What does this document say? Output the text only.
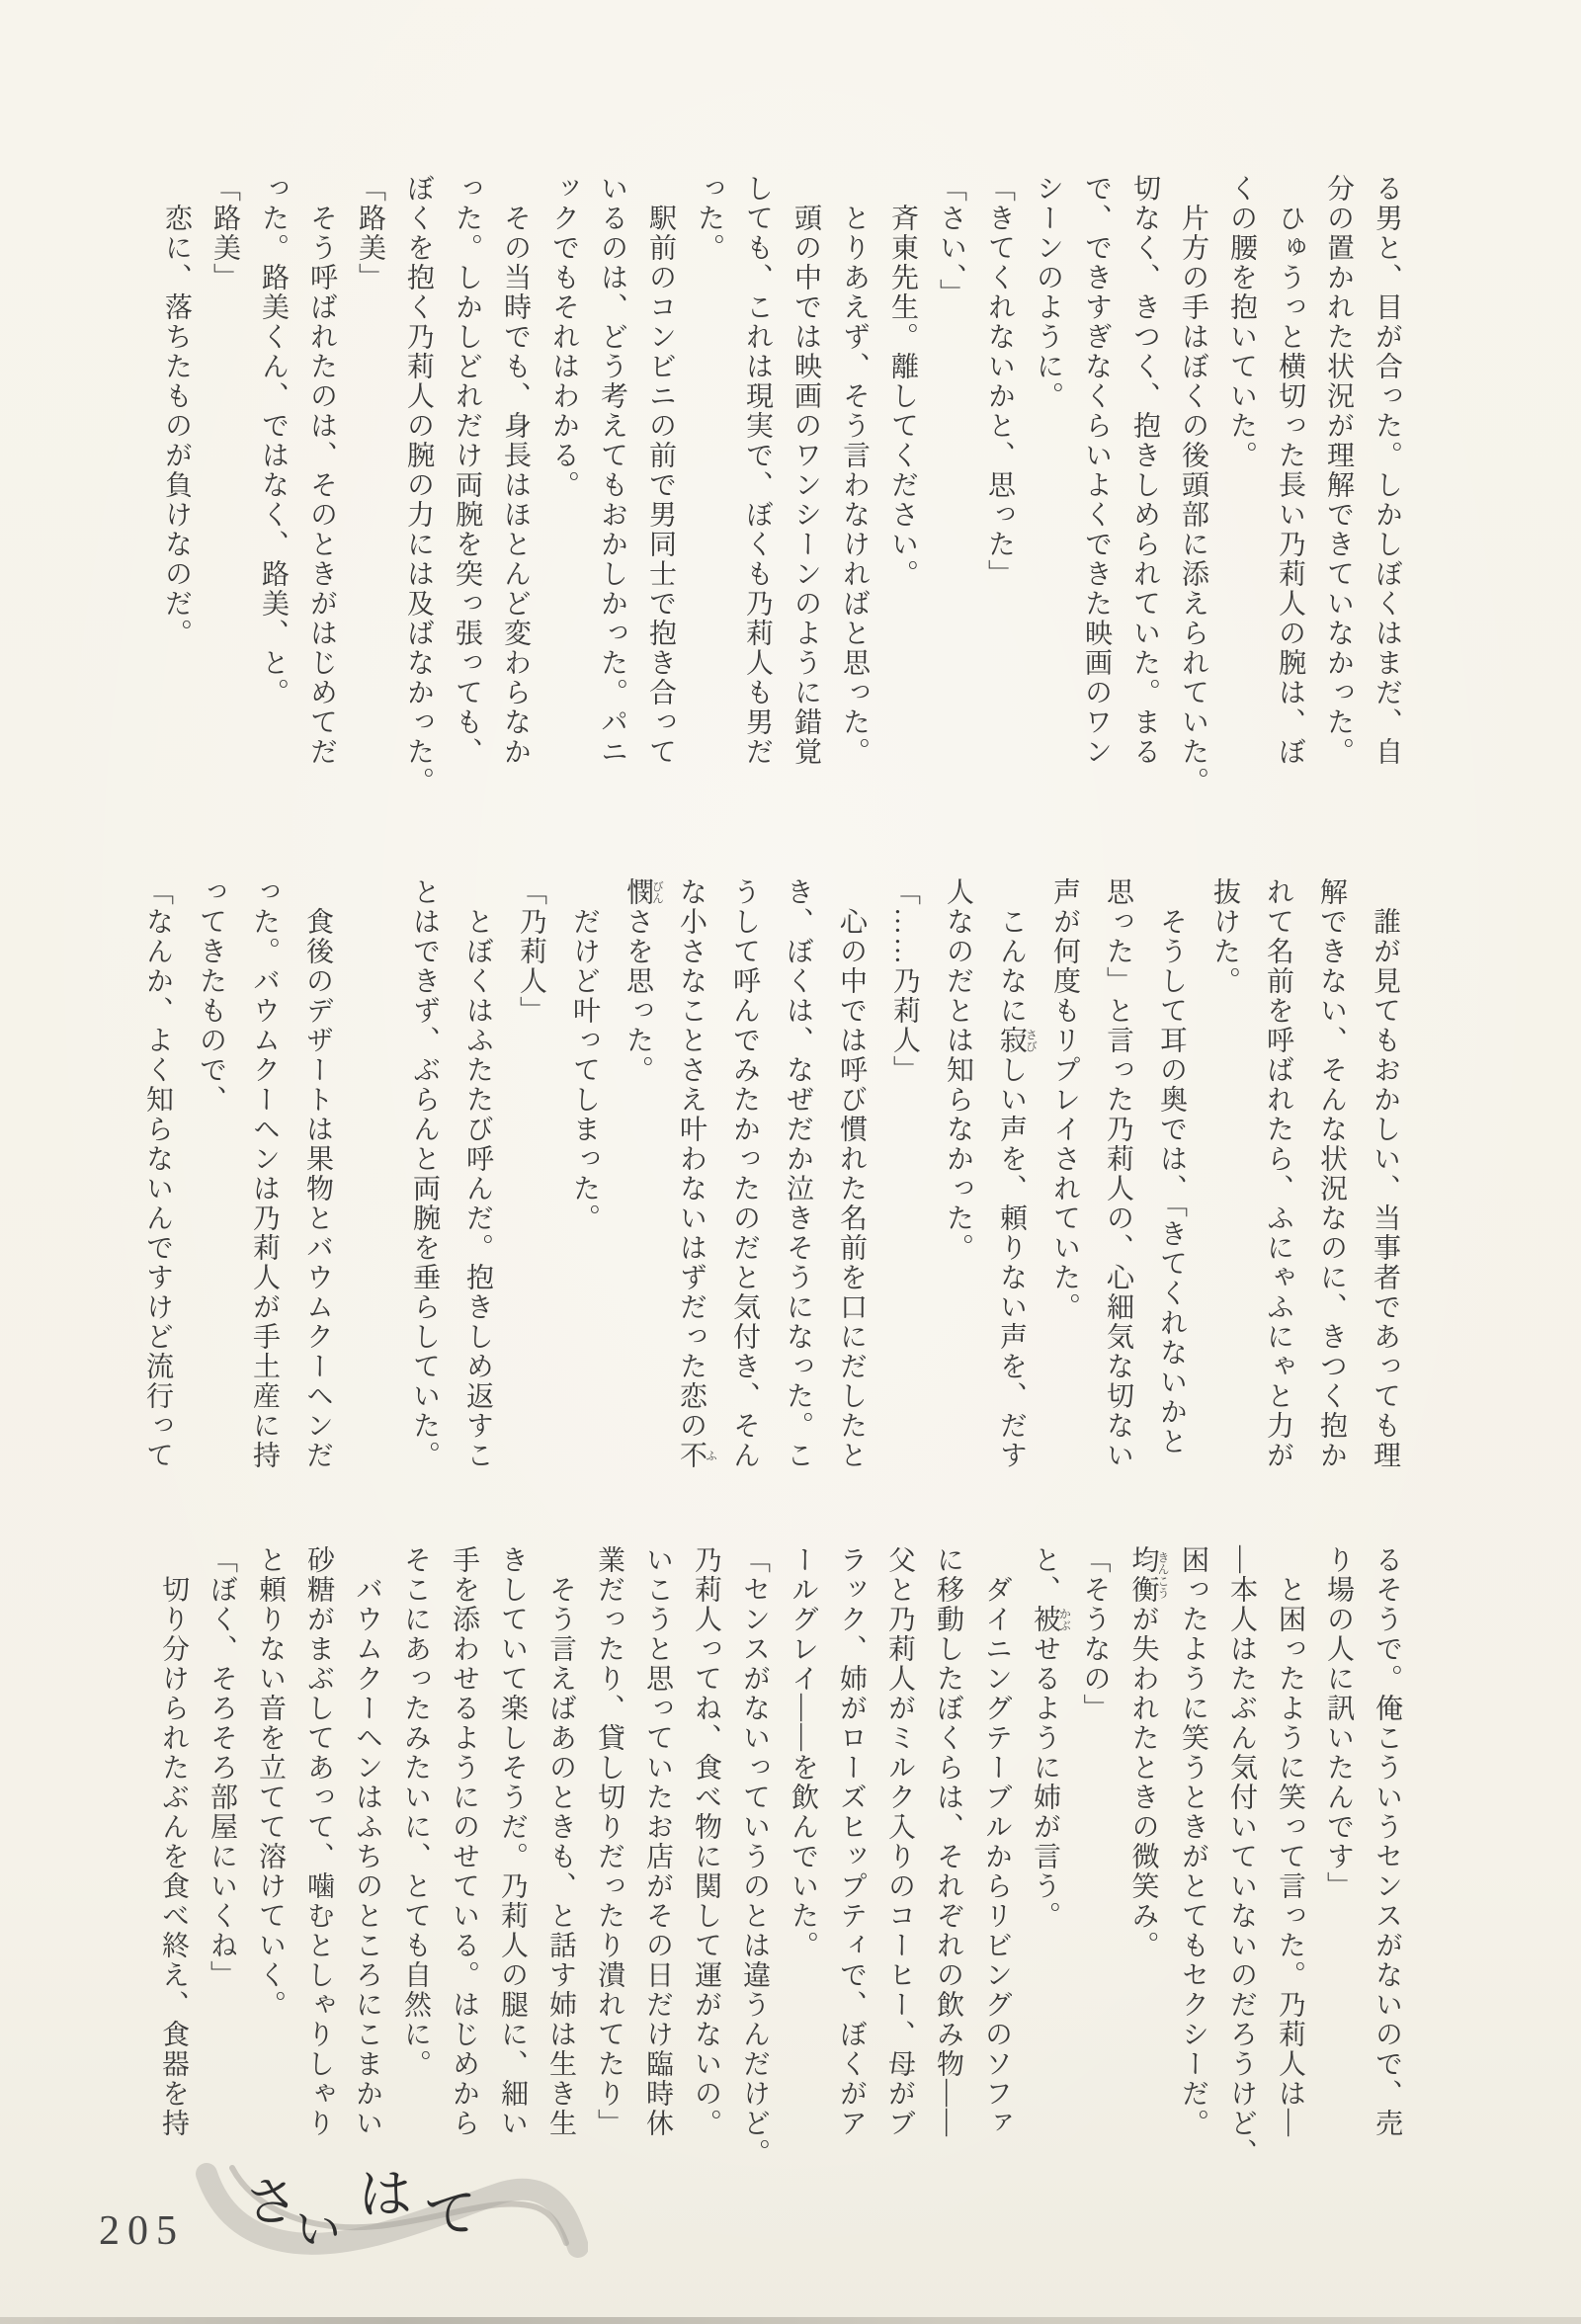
る男と、目が合った。しかしぼくはまだ、自
分の置かれた状況が理解できていなかった。
　ひゅうっと横切った長い乃莉人の腕は、ぼ
くの腰を抱いていた。
　片方の手はぼくの後頭部に添えられていた。
切なく、きつく、抱きしめられていた。まる
で、できすぎなくらいよくできた映画のワン
シーンのように。
「きてくれないかと、思った」
「さい、」
　斉東先生。離してください。
　とりあえず、そう言わなければと思った。
　頭の中では映画のワンシーンのように錯覚
しても、これは現実で、ぼくも乃莉人も男だ
った。
　駅前のコンビニの前で男同士で抱き合って
いるのは、どう考えてもおかしかった。パニ
ックでもそれはわかる。
　その当時でも、身長はほとんど変わらなか
った。しかしどれだけ両腕を突っ張っても、
ぼくを抱く乃莉人の腕の力には及ばなかった。
「路美」
　そう呼ばれたのは、そのときがはじめてだ
った。路美くん、ではなく、路美、と。
「路美」
　恋に、落ちたものが負けなのだ。
　誰が見てもおかしい、当事者であっても理
解できない、そんな状況なのに、きつく抱か
れて名前を呼ばれたら、ふにゃふにゃと力が
抜けた。
　そうして耳の奥では、「きてくれないかと
思った」と言った乃莉人の、心細気な切ない
声が何度もリプレイされていた。
　こんなに寂さびしい声を、頼りない声を、だす
人なのだとは知らなかった。
「……乃莉人」
　心の中では呼び慣れた名前を口にだしたと
き、ぼくは、なぜだか泣きそうになった。こ
うして呼んでみたかったのだと気付き、そん
な小さなことさえ叶わないはずだった恋の不ふ
憫びんさを思った。
　だけど叶ってしまった。
「乃莉人」
　とぼくはふたたび呼んだ。抱きしめ返すこ
とはできず、ぶらんと両腕を垂らしていた。

　食後のデザートは果物とバウムクーヘンだ
った。バウムクーヘンは乃莉人が手土産に持
ってきたもので、
「なんか、よく知らないんですけど流行って
るそうで。俺こういうセンスがないので、売
り場の人に訊いたんです」
　と困ったように笑って言った。乃莉人は―
―本人はたぶん気付いていないのだろうけど、
困ったように笑うときがとてもセクシーだ。
均衡きんこうが失われたときの微笑み。
「そうなの」
と、被かぶせるように姉が言う。
　ダイニングテーブルからリビングのソファ
に移動したぼくらは、それぞれの飲み物――
父と乃莉人がミルク入りのコーヒー、母がブ
ラック、姉がローズヒップティで、ぼくがア
ールグレイ――を飲んでいた。
「センスがないっていうのとは違うんだけど。
乃莉人ってね、食べ物に関して運がないの。
いこうと思っていたお店がその日だけ臨時休
業だったり、貸し切りだったり潰れてたり」
　そう言えばあのときも、と話す姉は生き生
きしていて楽しそうだ。乃莉人の腿に、細い
手を添わせるようにのせている。はじめから
そこにあったみたいに、とても自然に。
　バウムクーヘンはふちのところにこまかい
砂糖がまぶしてあって、噛むとしゃりしゃり
と頼りない音を立てて溶けていく。
「ぼく、そろそろ部屋にいくね」
　切り分けられたぶんを食べ終え、食器を持
205 さ
い
は て
